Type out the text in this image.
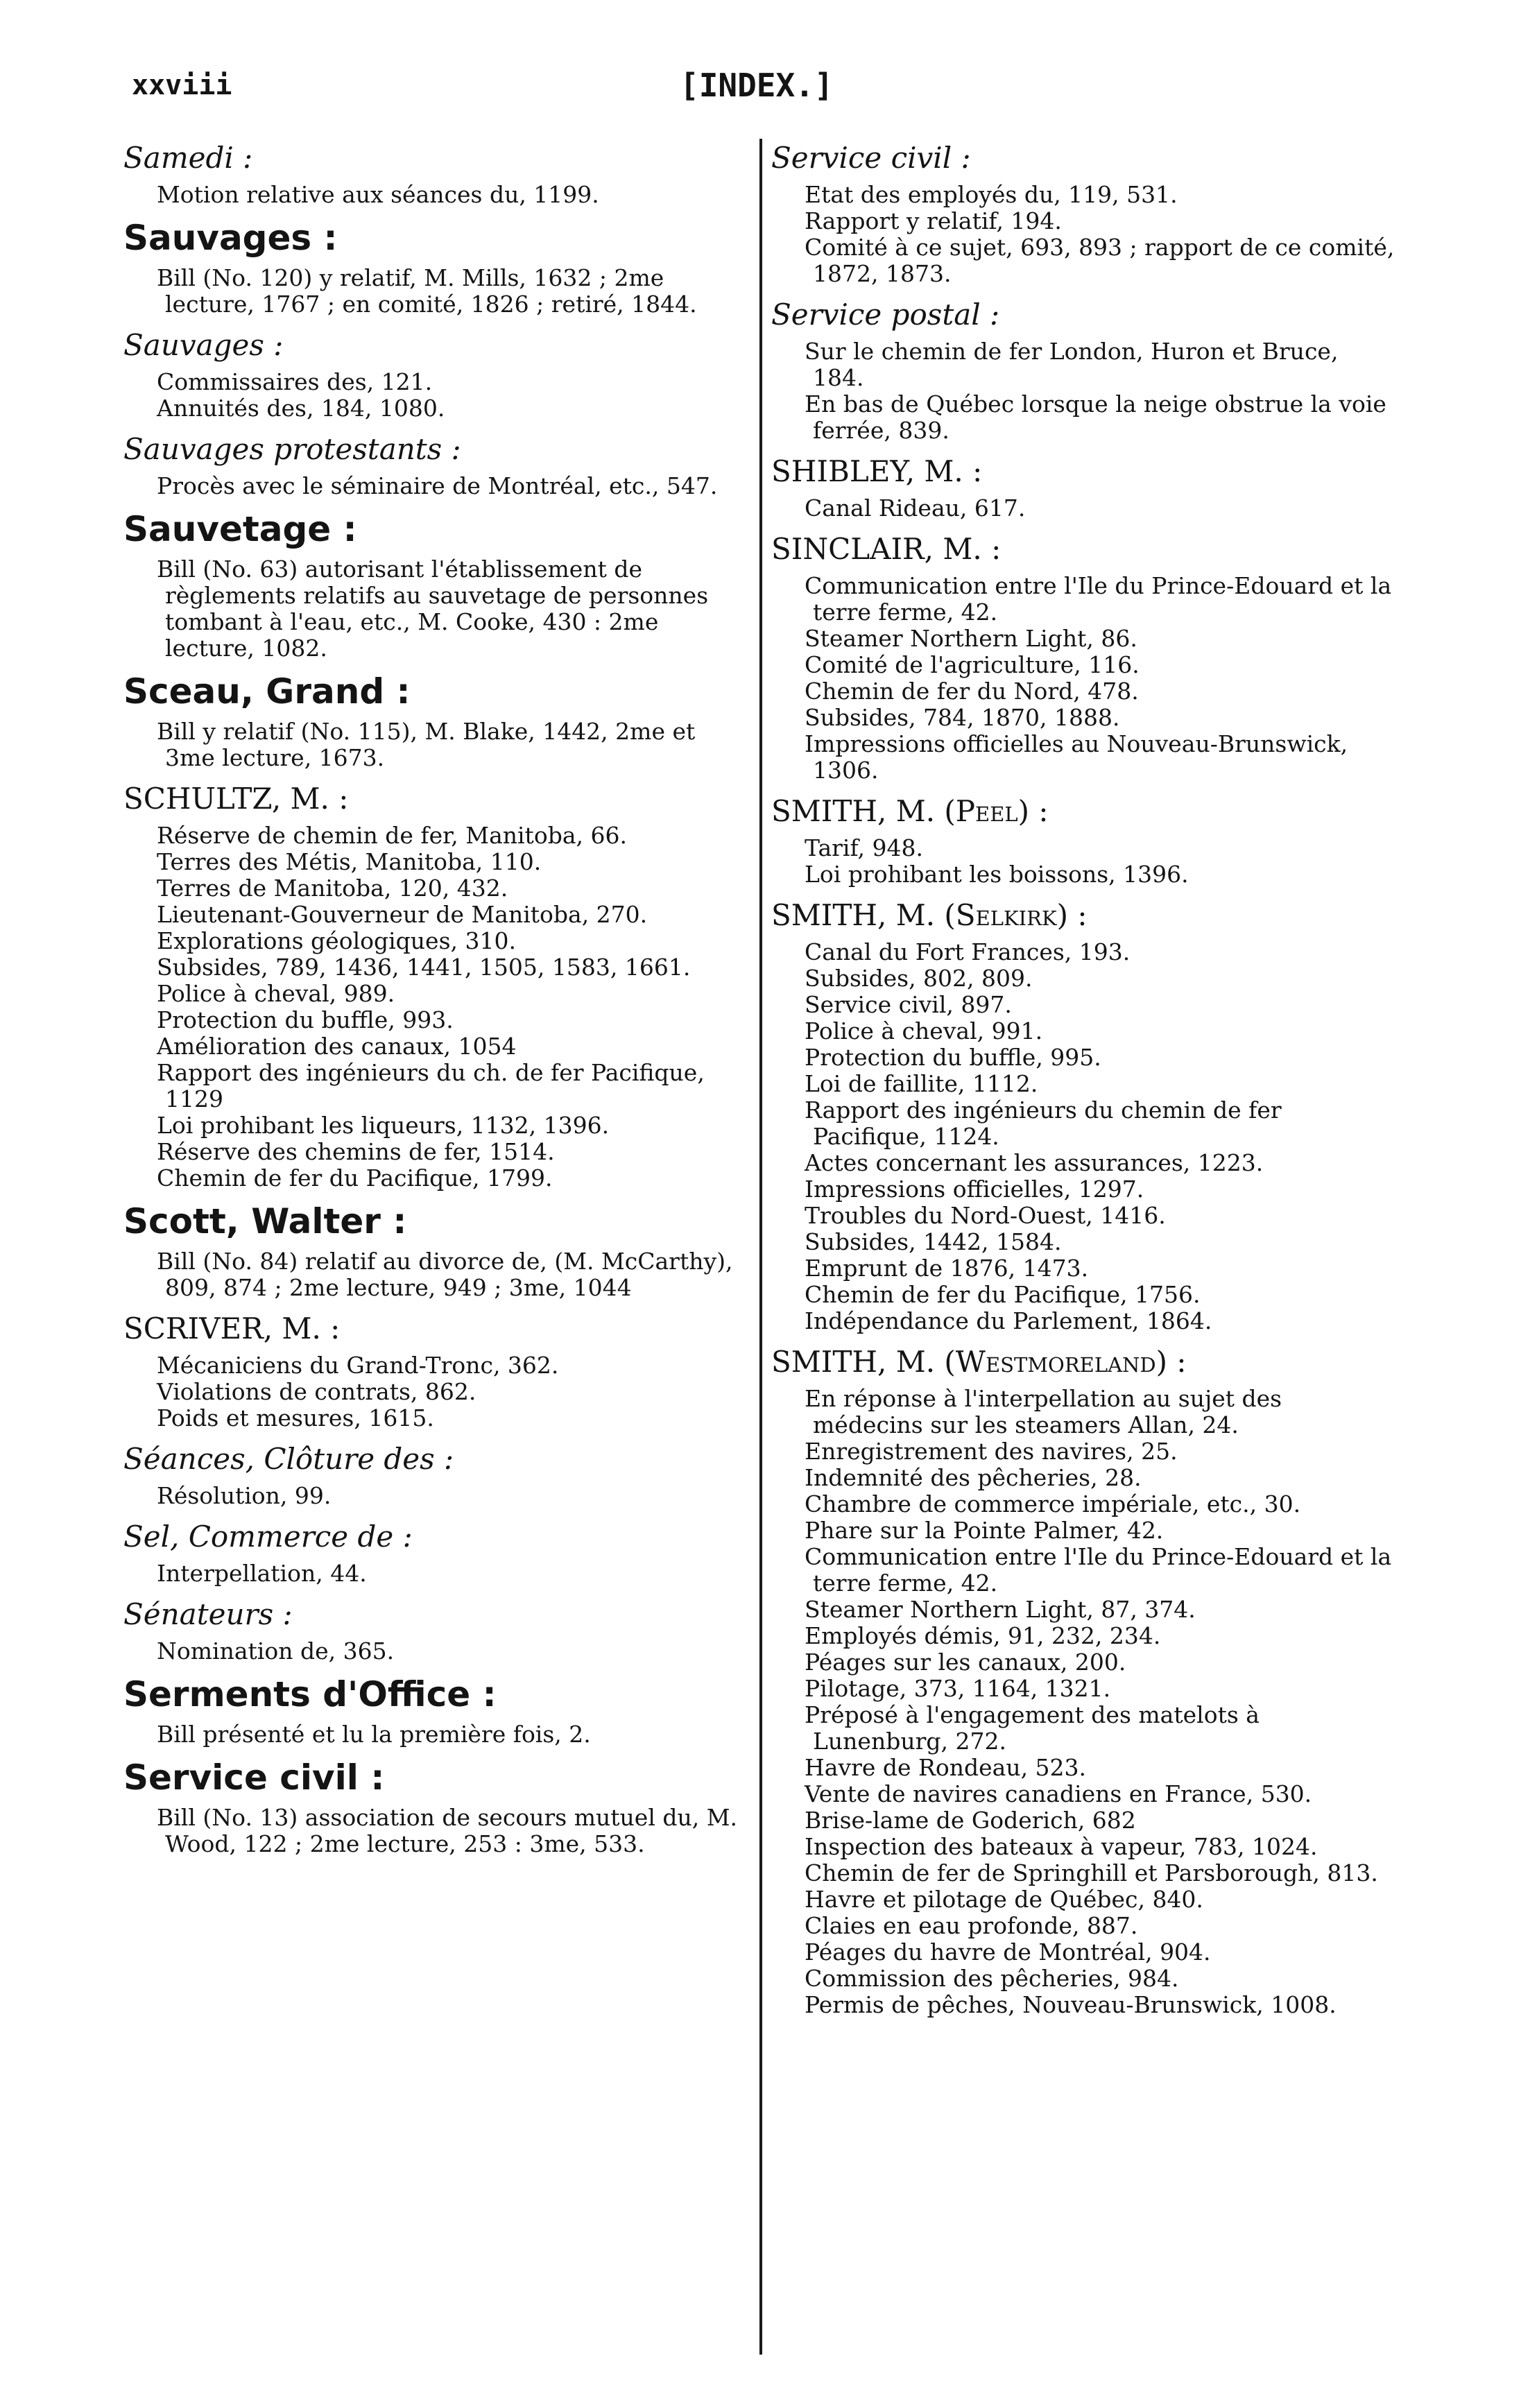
xxviii	[INDEX.]
Samedi :
Motion relative aux séances du, 1199.
Sauvages :
Bill (No. 120) y relatif, M. Mills, 1632 ; 2me lecture, 1767 ; en comité, 1826 ; retiré, 1844.
Sauvages :
Commissaires des, 121.
Annuités des, 184, 1080.
Sauvages protestants :
Procès avec le séminaire de Montréal, etc., 547.
Sauvetage :
Bill (No. 63) autorisant l'établissement de règlements relatifs au sauvetage de personnes tombant à l'eau, etc., M. Cooke, 430 : 2me lecture, 1082.
Sceau, Grand :
Bill y relatif (No. 115), M. Blake, 1442, 2me et 3me lecture, 1673.
SCHULTZ, M. :
Réserve de chemin de fer, Manitoba, 66.
Terres des Métis, Manitoba, 110.
Terres de Manitoba, 120, 432.
Lieutenant-Gouverneur de Manitoba, 270.
Explorations géologiques, 310.
Subsides, 789, 1436, 1441, 1505, 1583, 1661.
Police à cheval, 989.
Protection du buffle, 993.
Amélioration des canaux, 1054
Rapport des ingénieurs du ch. de fer Pacifique, 1129
Loi prohibant les liqueurs, 1132, 1396.
Réserve des chemins de fer, 1514.
Chemin de fer du Pacifique, 1799.
Scott, Walter :
Bill (No. 84) relatif au divorce de, (M. McCarthy), 809, 874 ; 2me lecture, 949 ; 3me, 1044
SCRIVER, M. :
Mécaniciens du Grand-Tronc, 362.
Violations de contrats, 862.
Poids et mesures, 1615.
Séances, Clôture des :
Résolution, 99.
Sel, Commerce de :
Interpellation, 44.
Sénateurs :
Nomination de, 365.
Serments d'Office :
Bill présenté et lu la première fois, 2.
Service civil :
Bill (No. 13) association de secours mutuel du, M. Wood, 122 ; 2me lecture, 253 : 3me, 533.
Service civil :
Etat des employés du, 119, 531.
Rapport y relatif, 194.
Comité à ce sujet, 693, 893 ; rapport de ce comité, 1872, 1873.
Service postal :
Sur le chemin de fer London, Huron et Bruce, 184.
En bas de Québec lorsque la neige obstrue la voie ferrée, 839.
SHIBLEY, M. :
Canal Rideau, 617.
SINCLAIR, M. :
Communication entre l'Ile du Prince-Edouard et la terre ferme, 42.
Steamer Northern Light, 86.
Comité de l'agriculture, 116.
Chemin de fer du Nord, 478.
Subsides, 784, 1870, 1888.
Impressions officielles au Nouveau-Brunswick, 1306.
SMITH, M. (Peel) :
Tarif, 948.
Loi prohibant les boissons, 1396.
SMITH, M. (Selkirk) :
Canal du Fort Frances, 193.
Subsides, 802, 809.
Service civil, 897.
Police à cheval, 991.
Protection du buffle, 995.
Loi de faillite, 1112.
Rapport des ingénieurs du chemin de fer Pacifique, 1124.
Actes concernant les assurances, 1223.
Impressions officielles, 1297.
Troubles du Nord-Ouest, 1416.
Subsides, 1442, 1584.
Emprunt de 1876, 1473.
Chemin de fer du Pacifique, 1756.
Indépendance du Parlement, 1864.
SMITH, M. (Westmoreland) :
En réponse à l'interpellation au sujet des médecins sur les steamers Allan, 24.
Enregistrement des navires, 25.
Indemnité des pêcheries, 28.
Chambre de commerce impériale, etc., 30.
Phare sur la Pointe Palmer, 42.
Communication entre l'Ile du Prince-Edouard et la terre ferme, 42.
Steamer Northern Light, 87, 374.
Employés démis, 91, 232, 234.
Péages sur les canaux, 200.
Pilotage, 373, 1164, 1321.
Préposé à l'engagement des matelots à Lunenburg, 272.
Havre de Rondeau, 523.
Vente de navires canadiens en France, 530.
Brise-lame de Goderich, 682
Inspection des bateaux à vapeur, 783, 1024.
Chemin de fer de Springhill et Parsborough, 813.
Havre et pilotage de Québec, 840.
Claies en eau profonde, 887.
Péages du havre de Montréal, 904.
Commission des pêcheries, 984.
Permis de pêches, Nouveau-Brunswick, 1008.
